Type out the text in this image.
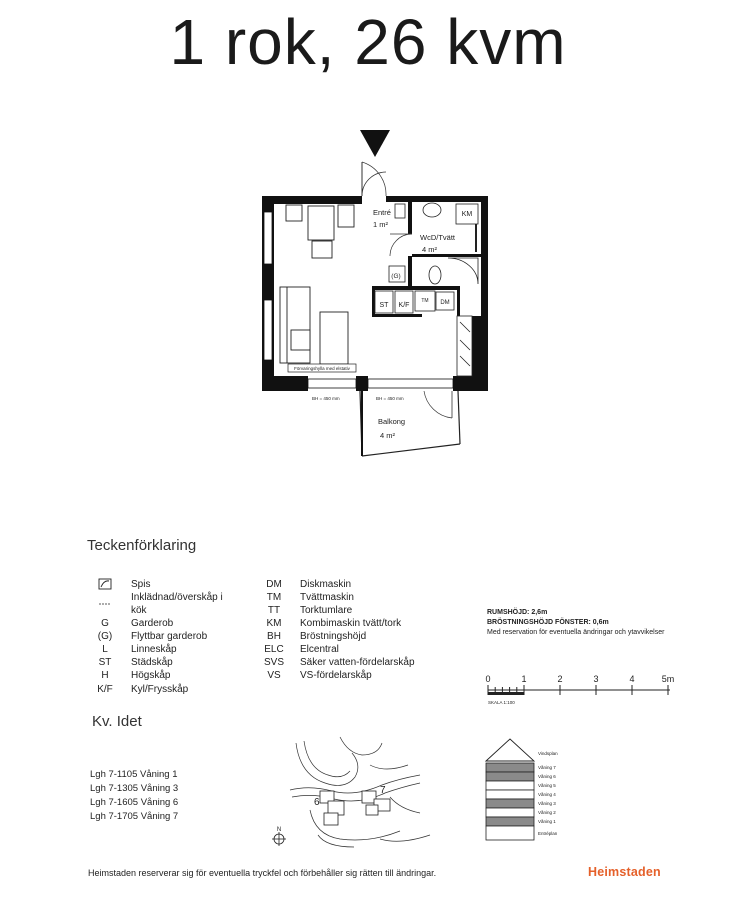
1 rok, 26 kvm
Förvaringshylla med elstativ
KM
(G)
ST K/F
TM DM
Entré
1 m²
WcD/Tvätt
4 m²
Balkong
4 m²
BH = 450 mm	BH = 450 mm
Teckenförklaring
Spis
Inklädnad/överskåp i
kök
G	Garderob
(G)	Flyttbar garderob
L	Linneskåp
ST	Städskåp
H	Högskåp
K/F	Kyl/Frysskåp
DM	Diskmaskin
TM	Tvättmaskin
TT	Torktumlare
KM	Kombimaskin tvätt/tork
BH	Bröstningshöjd
ELC	Elcentral
SVS	Säker vatten-fördelarskåp
VS	VS-fördelarskåp
RUMSHÖJD: 2,6m
BRÖSTNINGSHÖJD FÖNSTER: 0,6m
Med reservation för eventuella ändringar och ytavvikelser
0	1	2	3	4	5m
SKALA 1:100
Kv. Idet
Lgh 7-1105 Våning 1
Lgh 7-1305 Våning 3
Lgh 7-1605 Våning 6
Lgh 7-1705 Våning 7
6
7
N
Vindsplan
Våning 7
Våning 6
Våning 5
Våning 4
Våning 3
Våning 2
Våning 1
Entréplan
Heimstaden reserverar sig för eventuella tryckfel och förbehåller sig rätten till ändringar.	Heimstaden
